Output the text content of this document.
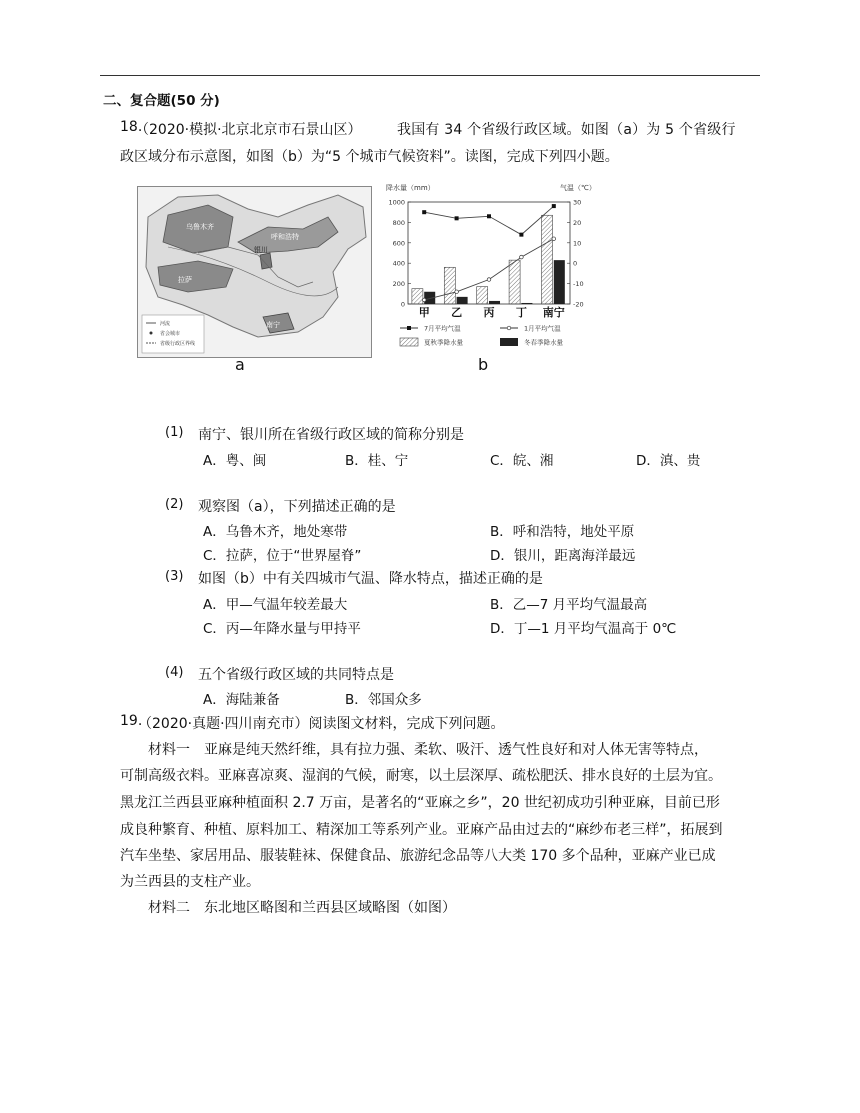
二、复合题(50 分)
18.
（2020·模拟·北京北京市石景山区）	我国有 34 个省级行政区域。如图（a）为 5 个省级行
政区域分布示意图，如图（b）为“5 个城市气候资料”。读图，完成下列四小题。
乌鲁木齐
呼和浩特
银川
拉萨
南宁
河流
省会城市
省级行政区界线
a
降水量（mm）	气温（℃）
0
200
400
600
800
1000
-20
-10
0
10
20
30
甲 乙 丙 丁 南宁
7月平均气温	1月平均气温
夏秋季降水量	冬春季降水量
b
(1) 南宁、银川所在省级行政区域的简称分别是
A．粤、闽	B．桂、宁	C．皖、湘	D．滇、贵
(2) 观察图（a），下列描述正确的是
A．乌鲁木齐，地处寒带	B．呼和浩特，地处平原
C．拉萨，位于“世界屋脊”	D．银川，距离海洋最远
(3) 如图（b）中有关四城市气温、降水特点，描述正确的是
A．甲—气温年较差最大	B．乙—7 月平均气温最高
C．丙—年降水量与甲持平	D．丁—1 月平均气温高于 0℃
(4) 五个省级行政区域的共同特点是
A．海陆兼备	B．邻国众多
19.
（2020·真题·四川南充市）阅读图文材料，完成下列问题。
材料一　亚麻是纯天然纤维，具有拉力强、柔软、吸汗、透气性良好和对人体无害等特点，
可制高级衣料。亚麻喜凉爽、湿润的气候，耐寒，以土层深厚、疏松肥沃、排水良好的土层为宜。
黑龙江兰西县亚麻种植面积 2.7 万亩，是著名的“亚麻之乡”，20 世纪初成功引种亚麻，目前已形
成良种繁育、种植、原料加工、精深加工等系列产业。亚麻产品由过去的“麻纱布老三样”，拓展到
汽车坐垫、家居用品、服装鞋袜、保健食品、旅游纪念品等八大类 170 多个品种，亚麻产业已成
为兰西县的支柱产业。
材料二　东北地区略图和兰西县区域略图（如图）
